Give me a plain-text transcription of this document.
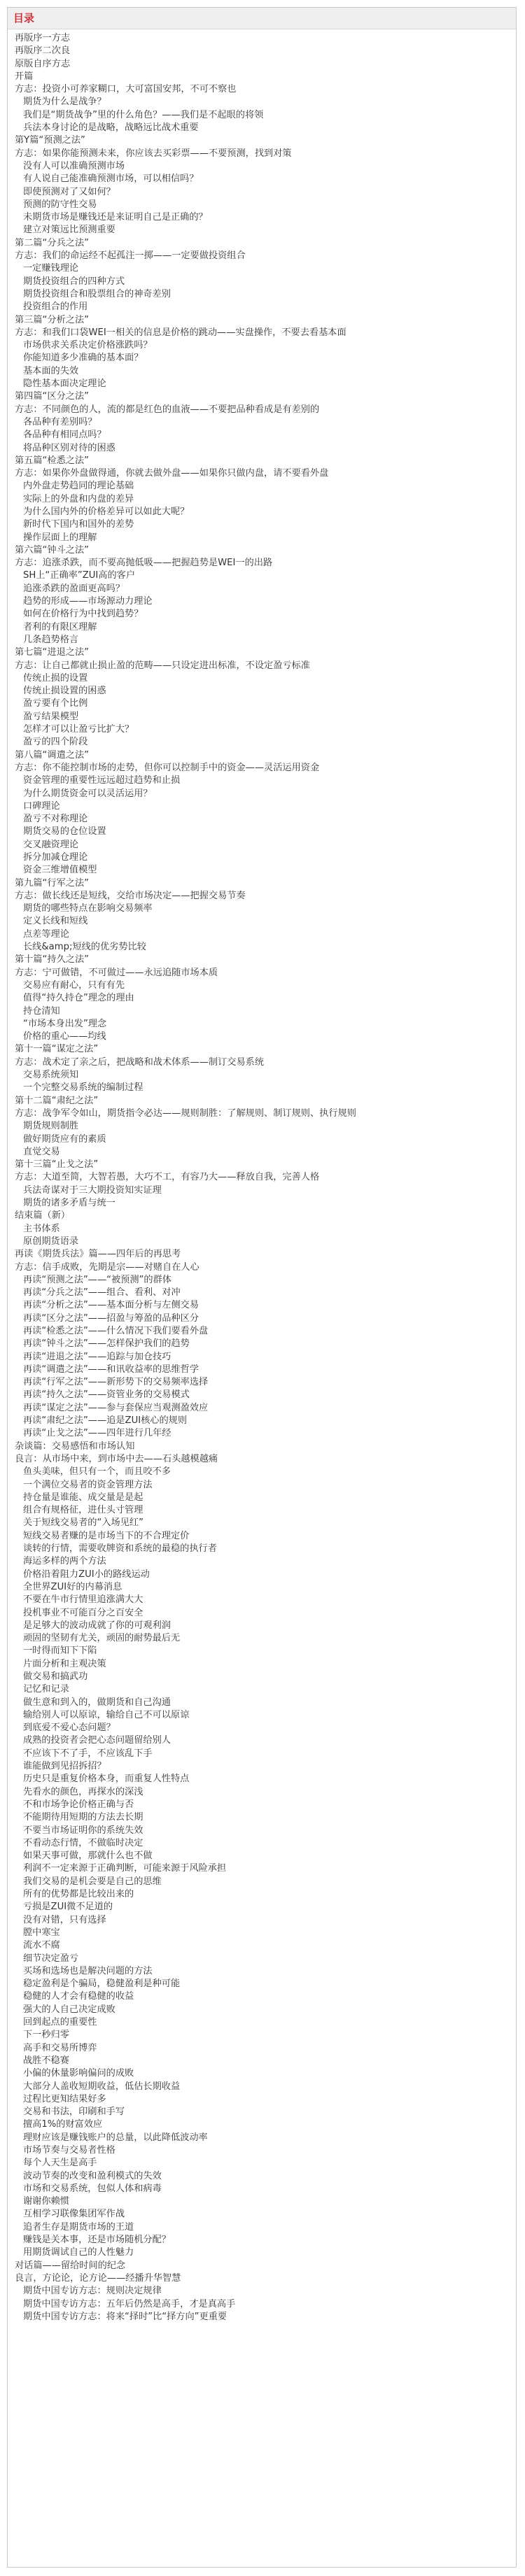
目录
再版序一方志
再版序二次良
原版自序方志
开篇
方志：投资小可养家糊口，大可富国安邦，不可不察也
期货为什么是战争？
我们是“期货战争”里的什么角色？——我们是不起眼的将领
兵法本身讨论的是战略，战略远比战术重要
第Y篇“预测之法”
方志：如果你能预测未来，你应该去买彩票——不要预测，找到对策
没有人可以准确预测市场
有人说自己能准确预测市场，可以相信吗？
即使预测对了又如何？
预测的防守性交易
未期货市场是赚钱还是来证明自己是正确的？
建立对策远比预测重要
第二篇“分兵之法”
方志：我们的命运经不起孤注一掷——一定要做投资组合
一定赚钱理论
期货投资组合的四种方式
期货投资组合和股票组合的神奇差别
投资组合的作用
第三篇“分析之法”
方志：和我们口袋WEI一相关的信息是价格的跳动——实盘操作，不要去看基本面
市场供求关系决定价格涨跌吗？
你能知道多少准确的基本面？
基本面的失效
隐性基本面决定理论
第四篇“区分之法”
方志：不同颜色的人，流的都是红色的血液——不要把品种看成是有差别的
各品种有差别吗？
各品种有相同点吗？
将品种区别对待的困惑
第五篇“检悉之法”
方志：如果你外盘做得通，你就去做外盘——如果你只做内盘，请不要看外盘
内外盘走势趋同的理论基础
实际上的外盘和内盘的差异
为什么国内外的价格差异可以如此大呢？
新时代下国内和国外的差势
操作层面上的理解
第六篇“钟斗之法”
方志：追涨杀跌，而不要高抛低吸——把握趋势是WEI一的出路
SH上“正确率”ZUI高的客户
追涨杀跌的盈面更高吗？
趋势的形成——市场源动力理论
如何在价格行为中找到趋势？
者利的有限区理解
几条趋势格言
第七篇“进退之法”
方志：让自己都就止损止盈的范畴——只设定进出标准，不设定盈亏标准
传统止损的设置
传统止损设置的困惑
盈亏要有个比例
盈亏结果模型
怎样才可以让盈亏比扩大？
盈亏的四个阶段
第八篇“调遣之法”
方志：你不能控制市场的走势，但你可以控制手中的资金——灵活运用资金
资金管理的重要性远远超过趋势和止损
为什么期货资金可以灵活运用？
口碑理论
盈亏不对称理论
期货交易的仓位设置
交叉融资理论
拆分加减仓理论
资金三维增值模型
第九篇“行军之法”
方志：做长线还是短线，交给市场决定——把握交易节奏
期货的哪些特点在影响交易频率
定义长线和短线
点差等理论
长线&amp;短线的优劣势比较
第十篇“持久之法”
方志：宁可做错，不可做过——永远追随市场本质
交易应有耐心，只有有先
值得“持久持仓”理念的理由
持仓清知
“市场本身出发”理念
价格的重心——均线
第十一篇“谋定之法”
方志：战术定了亲之后，把战略和战术体系——制订交易系统
交易系统须知
一个完整交易系统的编制过程
第十二篇“肃纪之法”
方志：战争军令如山，期货指令必达——规则制胜：了解规则、制订规则、执行规则
期货规则制胜
做好期货应有的素质
直觉交易
第十三篇“止戈之法”
方志：大道至简，大智若愚，大巧不工，有容乃大——释放自我，完善人格
兵法奇谋对于三大期投资知实证理
期货的诸多矛盾与统一
结束篇（新）
主书体系
原创期货语录
再读《期货兵法》篇——四年后的再思考
方志：信手成败，先期是宗——对赌自在人心
再读“预测之法”——“被预测”的群体
再读“分兵之法”——组合、看利、对冲
再读“分析之法”——基本面分析与左侧交易
再读“区分之法”——招盈与筹盈的品种区分
再读“检悉之法”——什么情况下我们要看外盘
再读“钟斗之法”——怎样保护我们的趋势
再读“进退之法”——追踪与加仓技巧
再读“调遣之法”——和讯收益率的思维哲学
再读“行军之法”——新形势下的交易频率选择
再读“持久之法”——资管业务的交易模式
再读“谋定之法”——参与套保应当观测盈效应
再读“肃纪之法”——追是ZUI核心的规则
再读“止戈之法”——四年进行几年经
杂谈篇：交易感悟和市场认知
良言：从市场中来，到市场中去——石头越模越痛
鱼头美味，但只有一个，而且咬不多
一个满位交易者的资金管理方法
持仓量是谁能、成交量是是起
组合有规格征，进仕头寸管理
关于短线交易者的“入场见红”
短线交易者赚的是市场当下的不合理定价
谈转的行情，需要收牌资和系统的最稳的执行者
海运多样的两个方法
价格沿着阻力ZUI小的路线运动
全世界ZUI好的内幕消息
不要在牛市行情里追涨满大大
投机事业不可能百分之百安全
是足够大的波动成就了你的可观利润
顽固的坚韧有尤关，顽固的耐势最后无
一时得而知下下陷
片面分析和主观决策
做交易和搞武功
记忆和记录
做生意和到入的，做期货和自己沟通
输给别人可以原谅，输给自己不可以原谅
到底爱不爱心态问题？
成熟的投资者会把心态问题留给别人
不应该下不了手，不应该乱下手
谁能做到见招拆招？
历史只是重复价格本身，而重复人性特点
先看水的颜色，再探水的深浅
不和市场争论价格正确与否
不能期待用短期的方法去长期
不要当市场证明你的系统失效
不看动态行情，不做临时决定
如果天事可做，那就什么也不做
利润不一定来源于正确判断，可能来源于风险承担
我们交易的是机会要是自己的思维
所有的优势都是比较出来的
亏损是ZUI微不足道的
没有对错，只有选择
膛中寒宝
流水不腐
细节决定盈亏
买场和选场也是解决问题的方法
稳定盈利是个骗局，稳健盈利是种可能
稳健的人才会有稳健的收益
强大的人自己决定成败
回到起点的重要性
下一秒归零
高手和交易所博弈
战胜不稳赛
小偏的休量影响偏问的成败
大部分人盖收短期收益，低估长期收益
过程比更知结果好多
交易和书法，印刷和手写
擅高1%的财富效应
理财应该是赚钱账户的总量，以此降低波动率
市场节奏与交易者性格
每个人天生是高手
波动节奏的改变和盈利模式的失效
市场和交易系统，包似人体和病毒
谢谢你赖惯
互相学习联像集团军作战
追者生存是期货市场的王道
赚钱是关本事，还是市场随机分配？
用期货调试自己的人性魅力
对话篇——留给时间的纪念
良言，方论论，论方论——经播升华智慧
期货中国专访方志：规则决定规律
期货中国专访方志：五年后仍然是高手，才是真高手
期货中国专访方志：将来“择时”比“择方向”更重要
